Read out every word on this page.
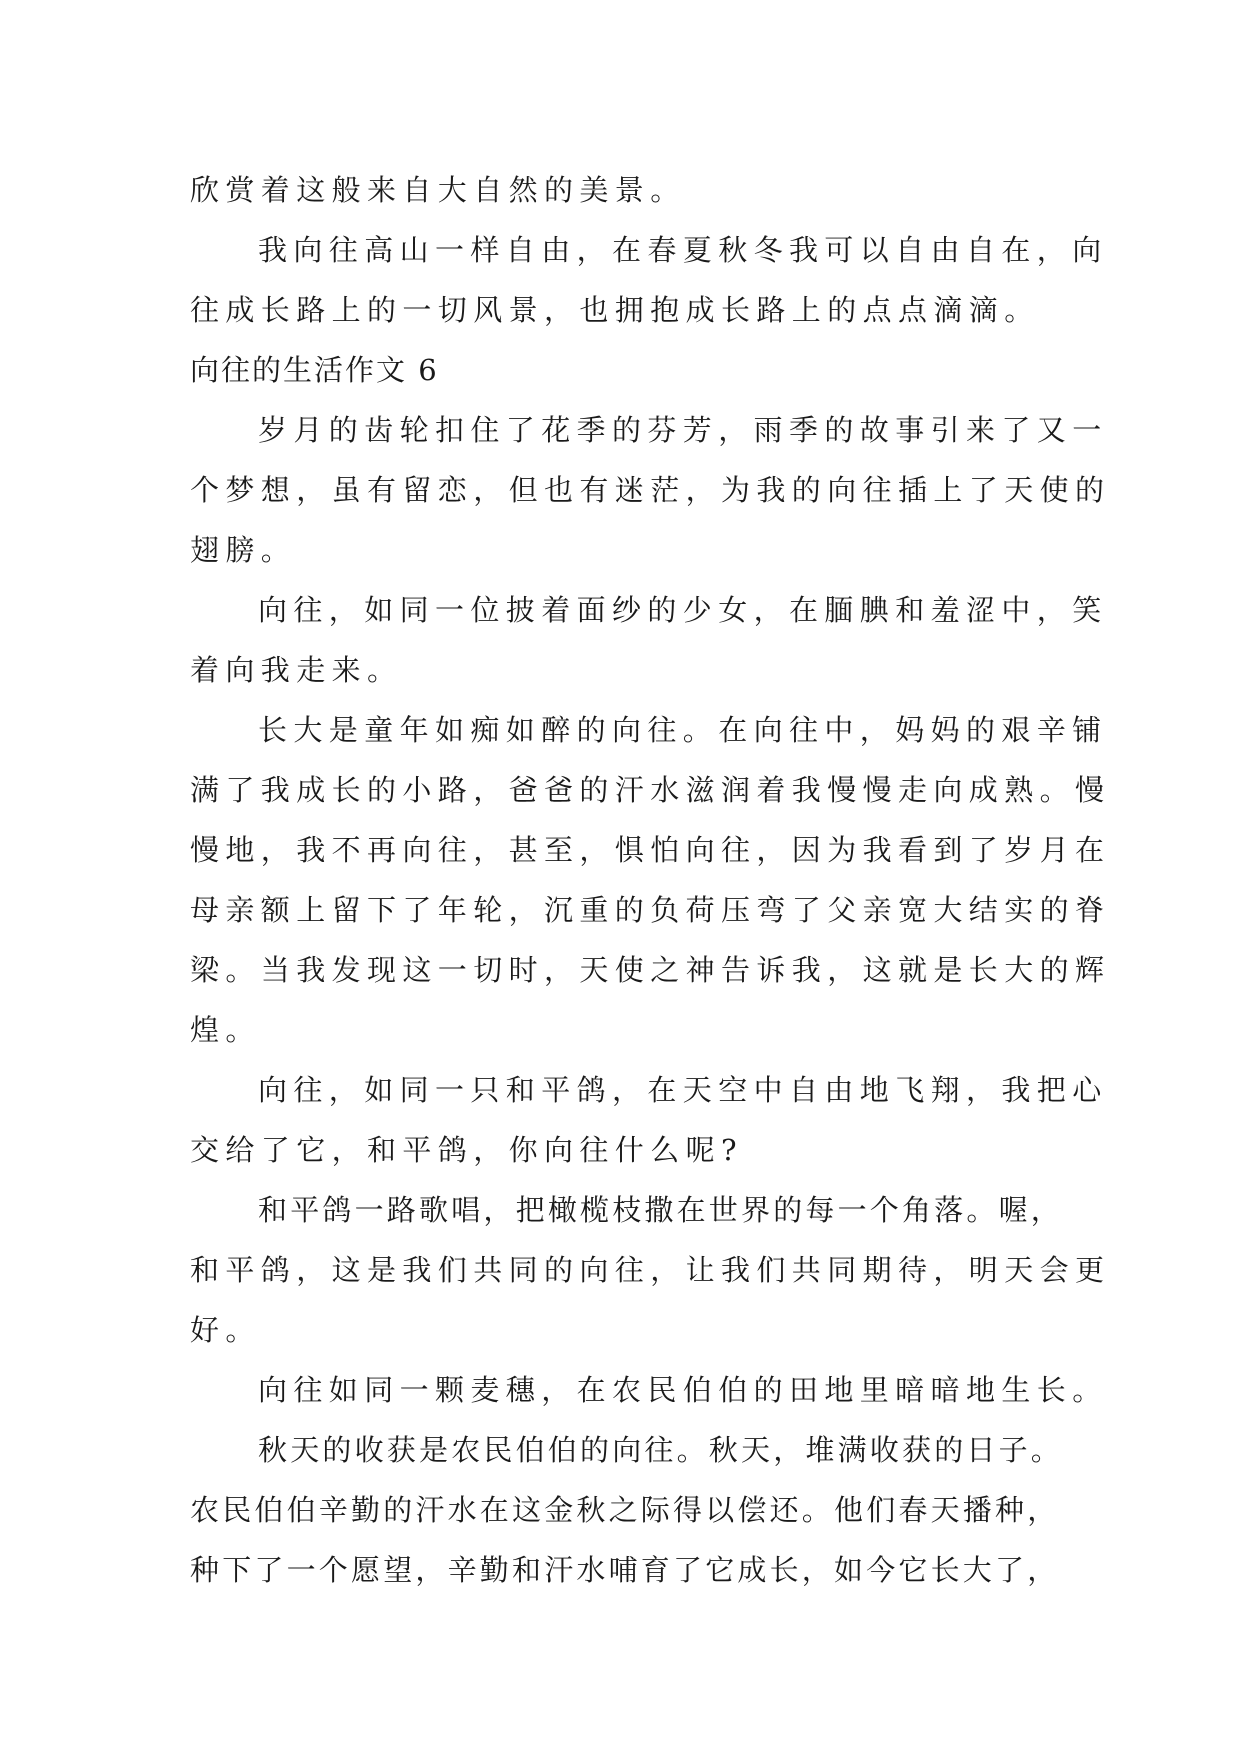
欣赏着这般来自大自然的美景。
我向往高山一样自由，在春夏秋冬我可以自由自在，向
往成长路上的一切风景，也拥抱成长路上的点点滴滴。
向往的生活作文 6
岁月的齿轮扣住了花季的芬芳，雨季的故事引来了又一
个梦想，虽有留恋，但也有迷茫，为我的向往插上了天使的
翅膀。
向往，如同一位披着面纱的少女，在腼腆和羞涩中，笑
着向我走来。
长大是童年如痴如醉的向往。在向往中，妈妈的艰辛铺
满了我成长的小路，爸爸的汗水滋润着我慢慢走向成熟。慢
慢地，我不再向往，甚至，惧怕向往，因为我看到了岁月在
母亲额上留下了年轮，沉重的负荷压弯了父亲宽大结实的脊
梁。当我发现这一切时，天使之神告诉我，这就是长大的辉
煌。
向往，如同一只和平鸽，在天空中自由地飞翔，我把心
交给了它，和平鸽，你向往什么呢?
和平鸽一路歌唱，把橄榄枝撒在世界的每一个角落。喔，
和平鸽，这是我们共同的向往，让我们共同期待，明天会更
好。
向往如同一颗麦穗，在农民伯伯的田地里暗暗地生长。
秋天的收获是农民伯伯的向往。秋天，堆满收获的日子。
农民伯伯辛勤的汗水在这金秋之际得以偿还。他们春天播种，
种下了一个愿望，辛勤和汗水哺育了它成长，如今它长大了，
